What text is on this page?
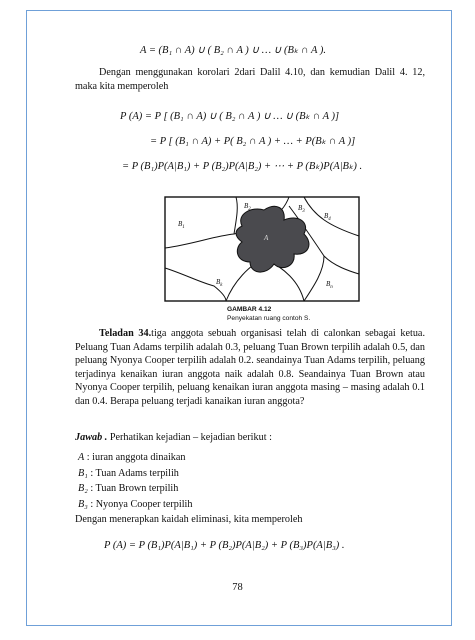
A = (B₁ ∩ A) ∪ ( B₂ ∩ A ) ∪ … ∪ (Bₖ ∩ A ).
Dengan menggunakan korolari 2dari Dalil 4.10, dan kemudian Dalil 4. 12, maka kita memperoleh
P (A) = P [ (B₁ ∩ A) ∪ ( B₂ ∩ A ) ∪ … ∪ (Bₖ ∩ A )]
= P [ (B₁ ∩ A) + P( B₂ ∩ A ) + … + P(Bₖ ∩ A )]
= P (B₁)P(A|B₁) + P (B₂)P(A|B₂) + ⋯ + P (Bₖ)P(A|Bₖ) .
$B_1$
$B_2$	$B_3$
$B_4$
$B_k$	$B_n$
A
GAMBAR 4.12
Penyekatan ruang contoh S.
Teladan 34.tiga anggota sebuah organisasi telah di calonkan sebagai ketua. Peluang Tuan Adams terpilih adalah 0.3, peluang Tuan Brown terpilih adalah 0.5, dan peluang Nyonya Cooper terpilih adalah 0.2. seandainya Tuan Adams terpilih, peluang terjadinya kenaikan iuran anggota naik adalah 0.8. Seandainya Tuan Brown atau Nyonya Cooper terpilih, peluang kenaikan iuran anggota masing – masing adalah 0.1 dan 0.4. Berapa peluang terjadi kanaikan iuran anggota?
Jawab . Perhatikan kejadian – kejadian berikut :
A : iuran anggota dinaikan
B₁ : Tuan Adams terpilih
B₂ : Tuan Brown terpilih
B₃ : Nyonya Cooper terpilih
Dengan menerapkan kaidah eliminasi, kita memperoleh
P (A) = P (B₁)P(A|B₁) + P (B₂)P(A|B₂) + P (B₃)P(A|B₃) .
78
